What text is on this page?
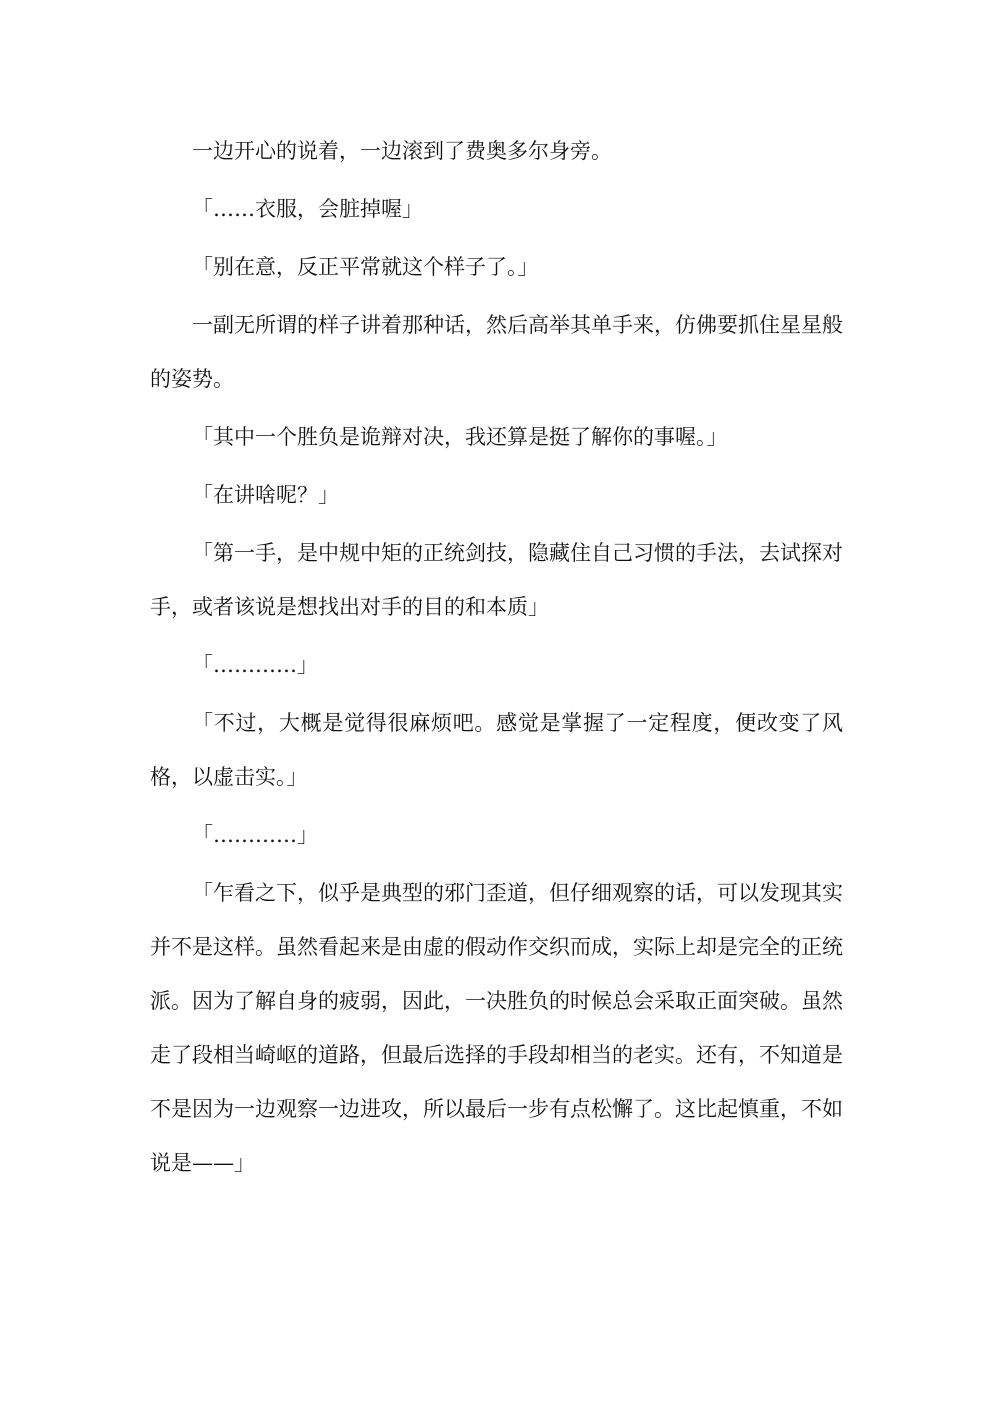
一边开心的说着，一边滚到了费奥多尔身旁。

「……衣服，会脏掉喔」

「别在意，反正平常就这个样子了。」

一副无所谓的样子讲着那种话，然后高举其单手来，仿佛要抓住星星般的姿势。

「其中一个胜负是诡辩对决，我还算是挺了解你的事喔。」

「在讲啥呢？」

「第一手，是中规中矩的正统剑技，隐藏住自己习惯的手法，去试探对手，或者该说是想找出对手的目的和本质」

「…………」

「不过，大概是觉得很麻烦吧。感觉是掌握了一定程度，便改变了风格，以虚击实。」

「…………」

「乍看之下，似乎是典型的邪门歪道，但仔细观察的话，可以发现其实并不是这样。虽然看起来是由虚的假动作交织而成，实际上却是完全的正统派。因为了解自身的疲弱，因此，一决胜负的时候总会采取正面突破。虽然走了段相当崎岖的道路，但最后选择的手段却相当的老实。还有，不知道是不是因为一边观察一边进攻，所以最后一步有点松懈了。这比起慎重，不如说是——」
